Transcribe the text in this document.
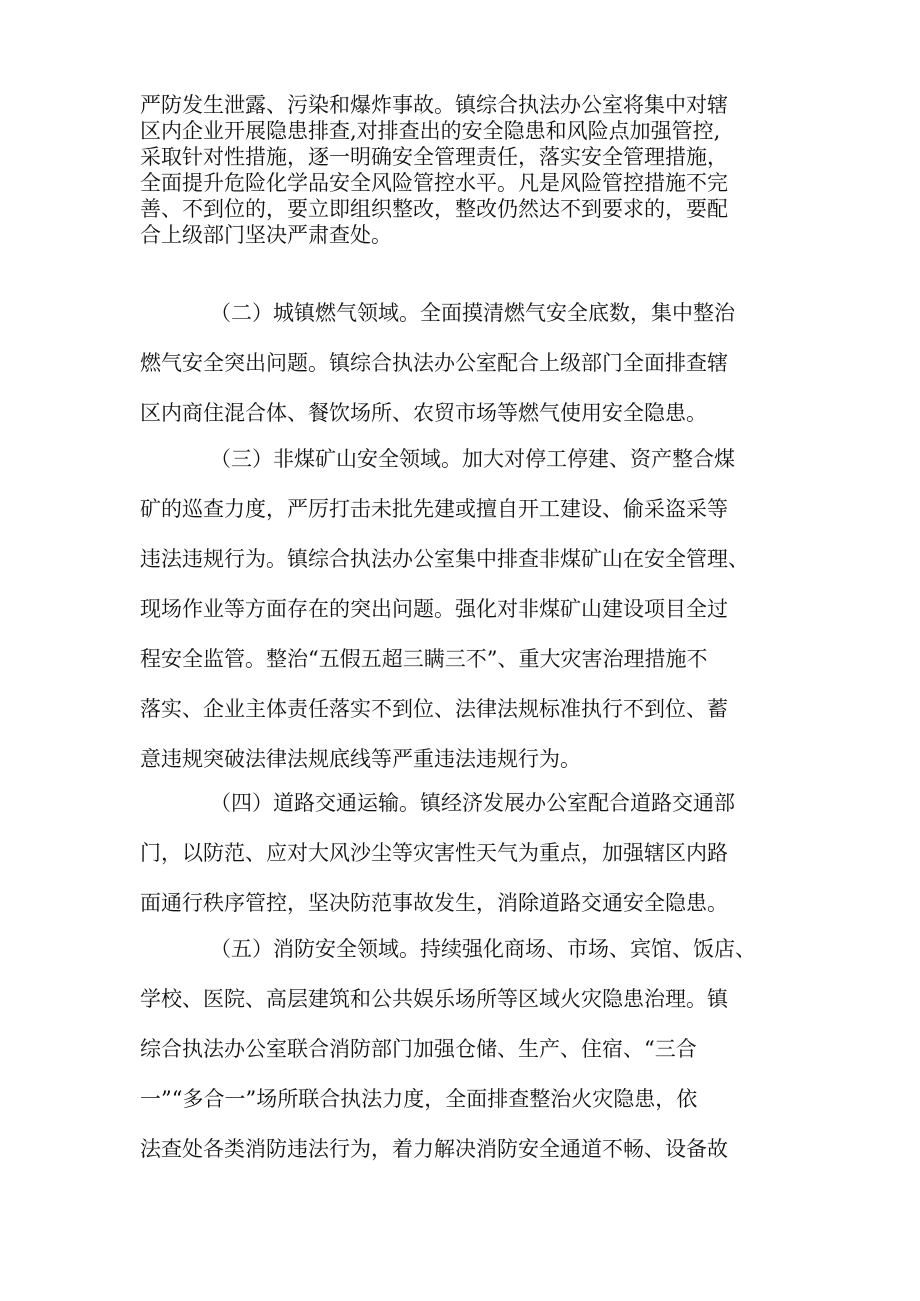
严防发生泄露、污染和爆炸事故。镇综合执法办公室将集中对辖
区内企业开展隐患排查,对排查出的安全隐患和风险点加强管控,
采取针对性措施，逐一明确安全管理责任，落实安全管理措施，
全面提升危险化学品安全风险管控水平。凡是风险管控措施不完
善、不到位的，要立即组织整改，整改仍然达不到要求的，要配
合上级部门坚决严肃查处。
（二）城镇燃气领域。全面摸清燃气安全底数，集中整治
燃气安全突出问题。镇综合执法办公室配合上级部门全面排查辖
区内商住混合体、餐饮场所、农贸市场等燃气使用安全隐患。
（三）非煤矿山安全领域。加大对停工停建、资产整合煤
矿的巡查力度，严厉打击未批先建或擅自开工建设、偷采盗采等
违法违规行为。镇综合执法办公室集中排查非煤矿山在安全管理、
现场作业等方面存在的突出问题。强化对非煤矿山建设项目全过
程安全监管。整治“五假五超三瞒三不”、重大灾害治理措施不
落实、企业主体责任落实不到位、法律法规标准执行不到位、蓄
意违规突破法律法规底线等严重违法违规行为。
（四）道路交通运输。镇经济发展办公室配合道路交通部
门，以防范、应对大风沙尘等灾害性天气为重点，加强辖区内路
面通行秩序管控，坚决防范事故发生，消除道路交通安全隐患。
（五）消防安全领域。持续强化商场、市场、宾馆、饭店、
学校、医院、高层建筑和公共娱乐场所等区域火灾隐患治理。镇
综合执法办公室联合消防部门加强仓储、生产、住宿、“三合
一”“多合一”场所联合执法力度，全面排查整治火灾隐患，依
法查处各类消防违法行为，着力解决消防安全通道不畅、设备故
